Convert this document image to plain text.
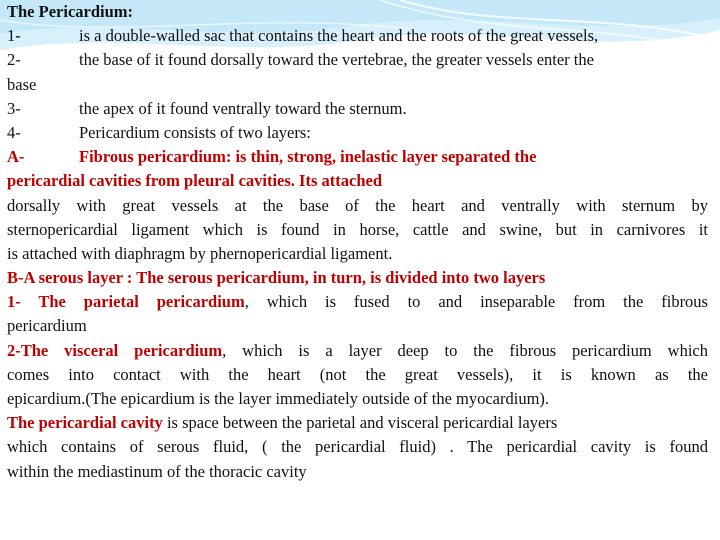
The Pericardium:
1-	is a double-walled sac that contains the heart and the roots of the great vessels,
2-	the base of it found dorsally toward the vertebrae, the greater vessels enter the
base
3-	the apex of it found ventrally toward the sternum.
4-	Pericardium consists of two layers:
A-	Fibrous pericardium: is thin, strong, inelastic layer separated the
pericardial cavities from pleural cavities. Its attached
dorsally with great vessels at the base of the heart and ventrally with sternum by
sternopericardial ligament which is found in horse, cattle and swine, but in carnivores it
is attached with diaphragm by phernopericardial ligament.
B-A serous layer : The serous pericardium, in turn, is divided into two layers
1- The parietal pericardium, which is fused to and inseparable from the fibrous
pericardium
2-The visceral pericardium, which is a layer deep to the fibrous pericardium which
comes into contact with the heart (not the great vessels), it is known as the
epicardium.(The epicardium is the layer immediately outside of the myocardium).
The pericardial cavity is space between the parietal and visceral pericardial layers
which contains of serous fluid, ( the pericardial fluid) . The pericardial cavity is found
within the mediastinum of the thoracic cavity
